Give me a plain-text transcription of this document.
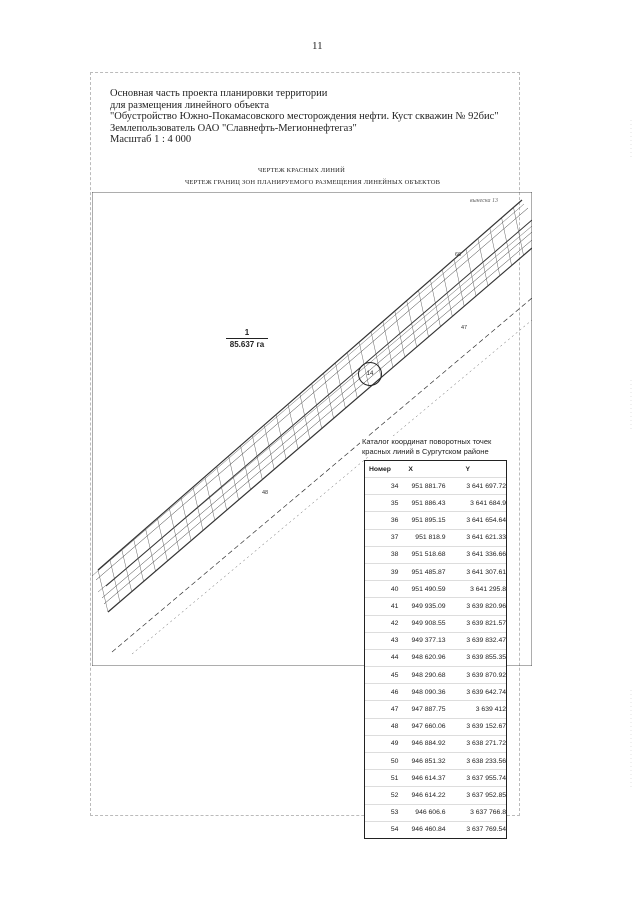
11
Основная часть проекта планировки территории
для размещения линейного объекта
"Обустройство Южно-Покамасовского месторождения нефти. Куст скважин № 92бис"
Землепользователь ОАО "Славнефть-Мегионнефтегаз"
Масштаб 1 : 4 000
ЧЕРТЕЖ КРАСНЫХ ЛИНИЙ
ЧЕРТЕЖ ГРАНИЦ ЗОН ПЛАНИРУЕМОГО РАЗМЕЩЕНИЯ ЛИНЕЙНЫХ ОБЪЕКТОВ
вынеска 13
1
85.637 га
66
47
48
14
Каталог координат поворотных точек
красных линий в Сургутском районе
Номер	X	Y
34	951 881.76	3 641 697.72
35	951 886.43	3 641 684.9
36	951 895.15	3 641 654.64
37	951 818.9	3 641 621.33
38	951 518.68	3 641 336.66
39	951 485.87	3 641 307.61
40	951 490.59	3 641 295.8
41	949 935.09	3 639 820.96
42	949 908.55	3 639 821.57
43	949 377.13	3 639 832.47
44	948 620.96	3 639 855.35
45	948 290.68	3 639 870.92
46	948 090.36	3 639 642.74
47	947 887.75	3 639 412
48	947 660.06	3 639 152.67
49	946 884.92	3 638 271.72
50	946 851.32	3 638 233.56
51	946 614.37	3 637 955.74
52	946 614.22	3 637 952.85
53	946 606.6	3 637 766.8
54	946 460.84	3 637 769.54
